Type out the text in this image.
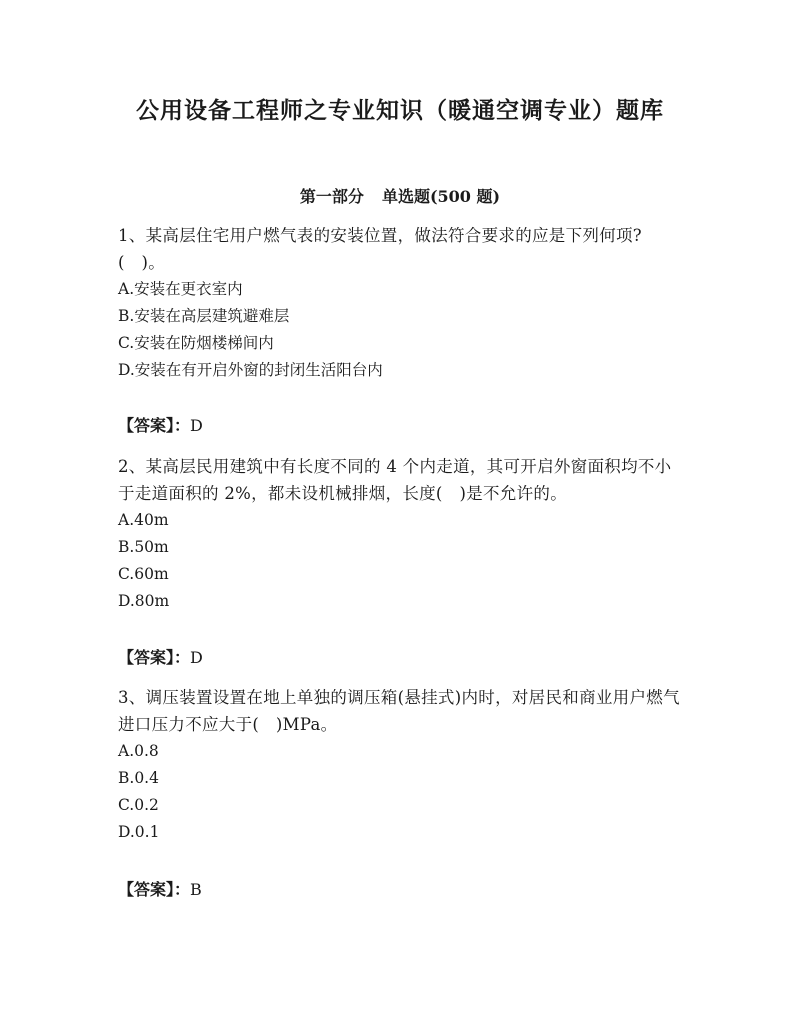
公用设备工程师之专业知识（暖通空调专业）题库
第一部分 单选题(500 题)

1、某高层住宅用户燃气表的安装位置，做法符合要求的应是下列何项?(　)。

A.安装在更衣室内

B.安装在高层建筑避难层

C.安装在防烟楼梯间内

D.安装在有开启外窗的封闭生活阳台内

【答案】：D

2、某高层民用建筑中有长度不同的 4 个内走道，其可开启外窗面积均不小于走道面积的 2%，都未设机械排烟，长度(　)是不允许的。

A.40m

B.50m

C.60m

D.80m

【答案】：D

3、调压装置设置在地上单独的调压箱(悬挂式)内时，对居民和商业用户燃气进口压力不应大于(　)MPa。

A.0.8

B.0.4

C.0.2

D.0.1

【答案】：B
